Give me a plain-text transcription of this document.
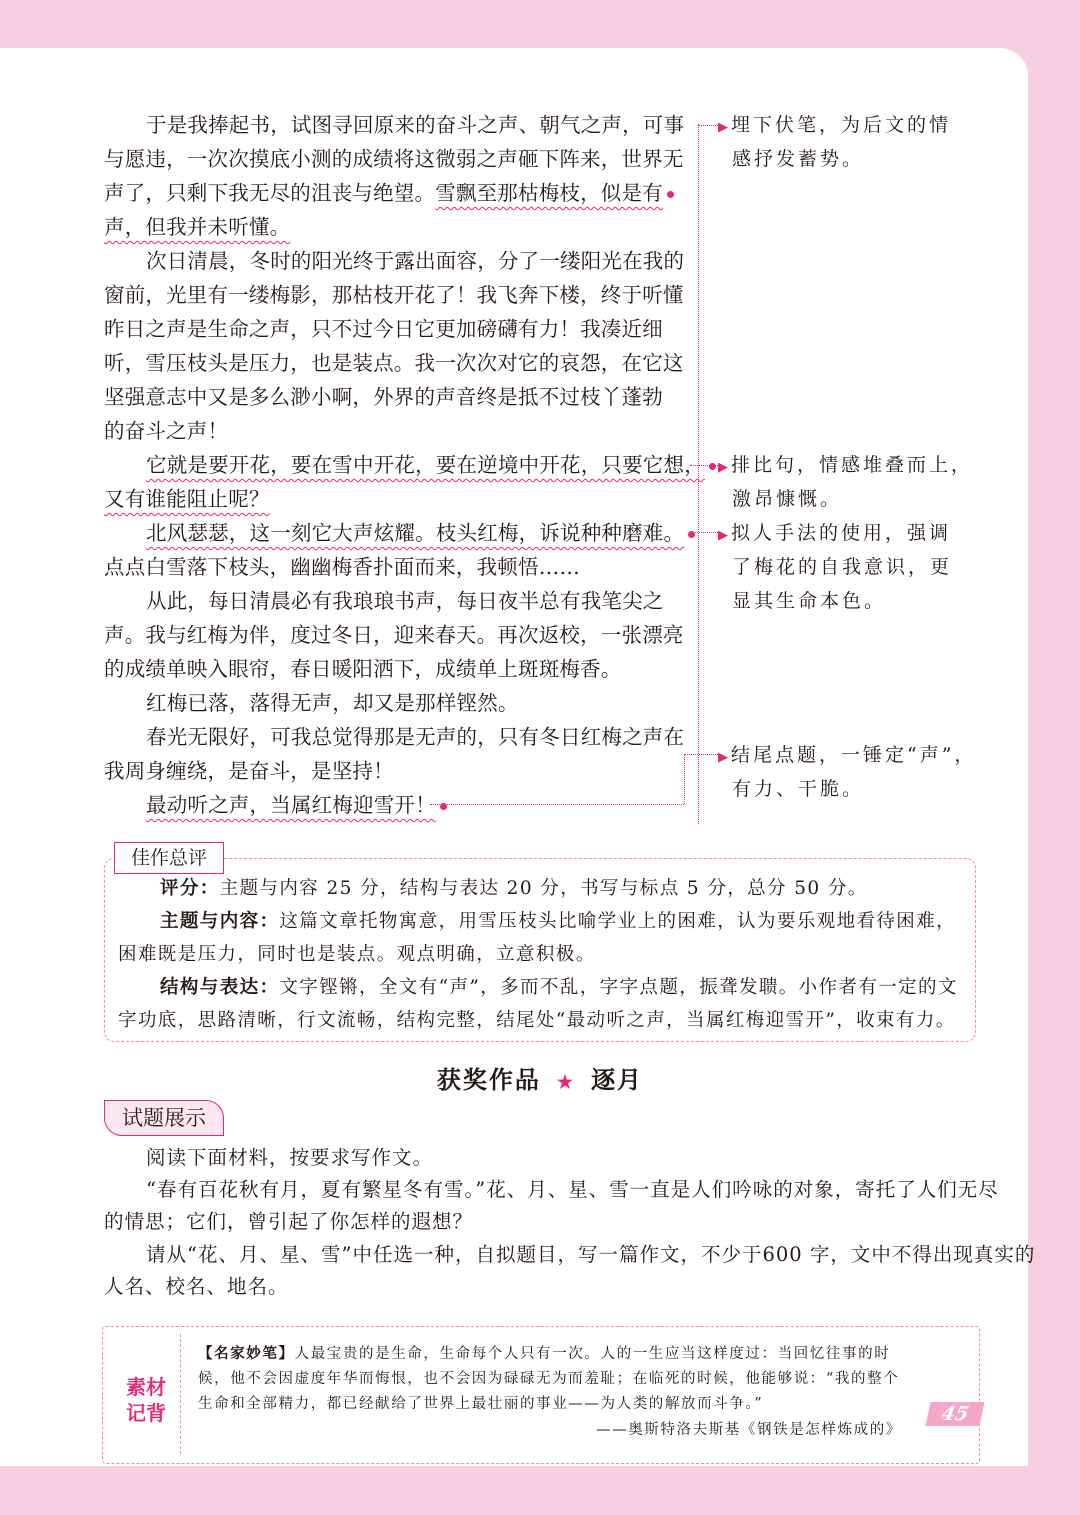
于是我捧起书，试图寻回原来的奋斗之声、朝气之声，可事

与愿违，一次次摸底小测的成绩将这微弱之声砸下阵来，世界无

声了，只剩下我无尽的沮丧与绝望。雪飘至那枯梅枝，似是有

声，但我并未听懂。

次日清晨，冬时的阳光终于露出面容，分了一缕阳光在我的

窗前，光里有一缕梅影，那枯枝开花了！我飞奔下楼，终于听懂

昨日之声是生命之声，只不过今日它更加磅礴有力！我凑近细

听，雪压枝头是压力，也是装点。我一次次对它的哀怨，在它这

坚强意志中又是多么渺小啊，外界的声音终是抵不过枝丫蓬勃

的奋斗之声！

它就是要开花，要在雪中开花，要在逆境中开花，只要它想，

又有谁能阻止呢？

北风瑟瑟，这一刻它大声炫耀。枝头红梅，诉说种种磨难。

点点白雪落下枝头，幽幽梅香扑面而来，我顿悟……

从此，每日清晨必有我琅琅书声，每日夜半总有我笔尖之

声。我与红梅为伴，度过冬日，迎来春天。再次返校，一张漂亮

的成绩单映入眼帘，春日暖阳洒下，成绩单上斑斑梅香。

红梅已落，落得无声，却又是那样铿然。

春光无限好，可我总觉得那是无声的，只有冬日红梅之声在

我周身缠绕，是奋斗，是坚持！

最动听之声，当属红梅迎雪开！

▶ 埋下伏笔，为后文的情
感抒发蓄势。
▶ 排比句，情感堆叠而上，
激昂慷慨。
▶ 拟人手法的使用，强调
了梅花的自我意识，更
显其生命本色。
▶ 结尾点题，一锤定“声”，
有力、干脆。
佳作总评

评分：主题与内容 25 分，结构与表达 20 分，书写与标点 5 分，总分 50 分。

主题与内容：这篇文章托物寓意，用雪压枝头比喻学业上的困难，认为要乐观地看待困难，

困难既是压力，同时也是装点。观点明确，立意积极。

结构与表达：文字铿锵，全文有“声”，多而不乱，字字点题，振聋发聩。小作者有一定的文

字功底，思路清晰，行文流畅，结构完整，结尾处“最动听之声，当属红梅迎雪开”，收束有力。

获奖作品 ★ 逐月
试题展示

阅读下面材料，按要求写作文。

“春有百花秋有月，夏有繁星冬有雪。”花、月、星、雪一直是人们吟咏的对象，寄托了人们无尽

的情思；它们，曾引起了你怎样的遐想？

请从“花、月、星、雪”中任选一种，自拟题目，写一篇作文，不少于600 字，文中不得出现真实的

人名、校名、地名。

素材
记背

【名家妙笔】人最宝贵的是生命，生命每个人只有一次。人的一生应当这样度过：当回忆往事的时

候，他不会因虚度年华而悔恨，也不会因为碌碌无为而羞耻；在临死的时候，他能够说：“我的整个

生命和全部精力，都已经献给了世界上最壮丽的事业——为人类的解放而斗争。”

——奥斯特洛夫斯基《钢铁是怎样炼成的》

45
